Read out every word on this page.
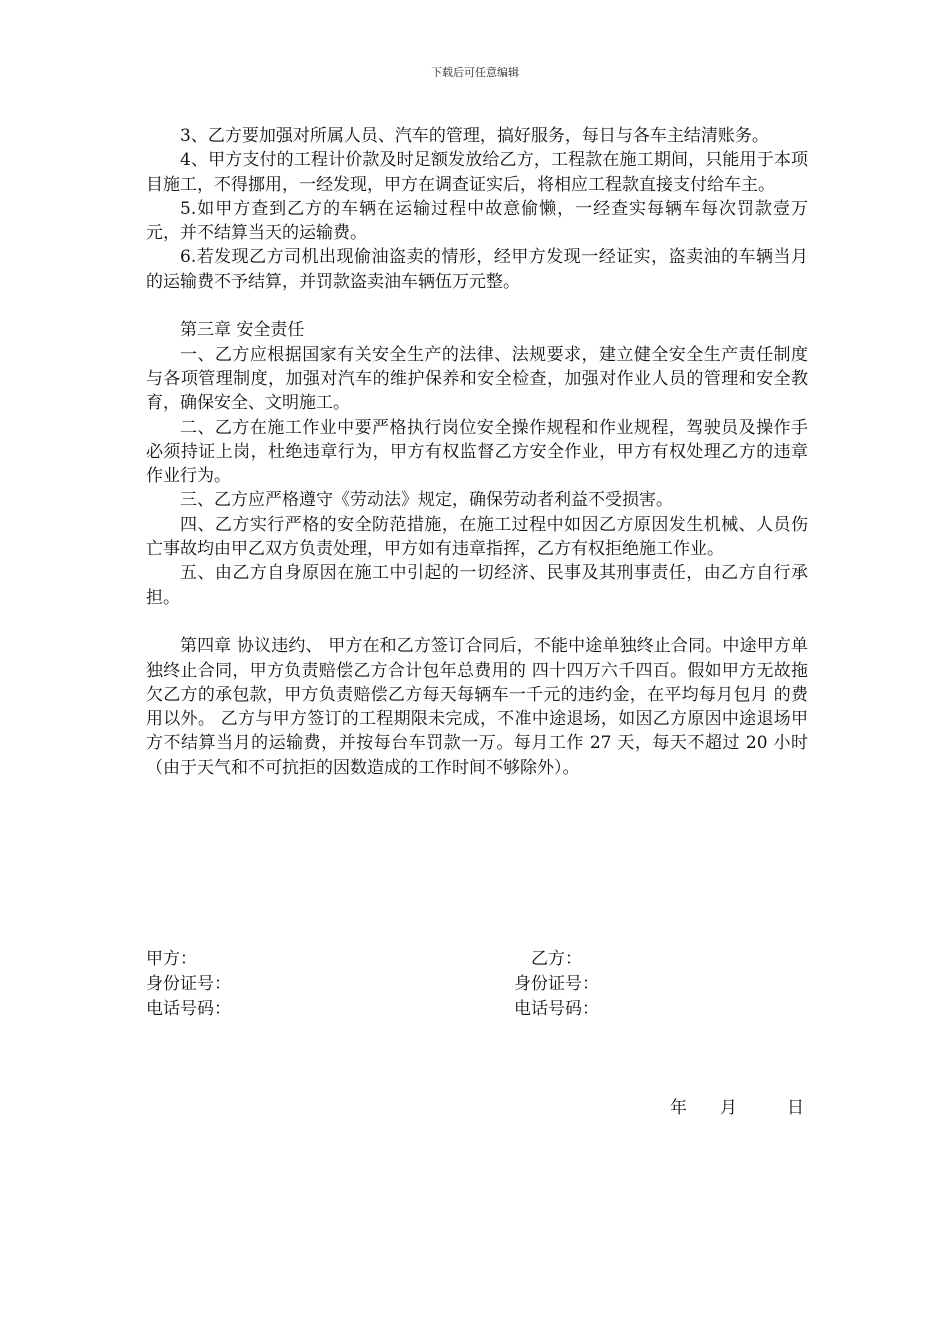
下载后可任意编辑

3、乙方要加强对所属人员、汽车的管理，搞好服务，每日与各车主结清账务。

4、甲方支付的工程计价款及时足额发放给乙方，工程款在施工期间，只能用于本项目施工，不得挪用，一经发现，甲方在调查证实后，将相应工程款直接支付给车主。

5.如甲方查到乙方的车辆在运输过程中故意偷懒，一经查实每辆车每次罚款壹万元，并不结算当天的运输费。

6.若发现乙方司机出现偷油盗卖的情形，经甲方发现一经证实，盗卖油的车辆当月的运输费不予结算，并罚款盗卖油车辆伍万元整。

第三章 安全责任

一、乙方应根据国家有关安全生产的法律、法规要求，建立健全安全生产责任制度与各项管理制度，加强对汽车的维护保养和安全检查，加强对作业人员的管理和安全教育，确保安全、文明施工。

二、乙方在施工作业中要严格执行岗位安全操作规程和作业规程，驾驶员及操作手必须持证上岗，杜绝违章行为，甲方有权监督乙方安全作业，甲方有权处理乙方的违章作业行为。

三、乙方应严格遵守《劳动法》规定，确保劳动者利益不受损害。

四、乙方实行严格的安全防范措施，在施工过程中如因乙方原因发生机械、人员伤亡事故均由甲乙双方负责处理，甲方如有违章指挥，乙方有权拒绝施工作业。

五、由乙方自身原因在施工中引起的一切经济、民事及其刑事责任，由乙方自行承担。

第四章 协议违约、 甲方在和乙方签订合同后，不能中途单独终止合同。中途甲方单独终止合同，甲方负责赔偿乙方合计包年总费用的 四十四万六千四百。假如甲方无故拖欠乙方的承包款，甲方负责赔偿乙方每天每辆车一千元的违约金，在平均每月包月 的费用以外。 乙方与甲方签订的工程期限未完成，不准中途退场，如因乙方原因中途退场甲方不结算当月的运输费，并按每台车罚款一万。每月工作 27 天，每天不超过 20 小时（由于天气和不可抗拒的因数造成的工作时间不够除外）。

甲方：	乙方：
身份证号：	身份证号：
电话号码：	电话号码：
年 月	日
